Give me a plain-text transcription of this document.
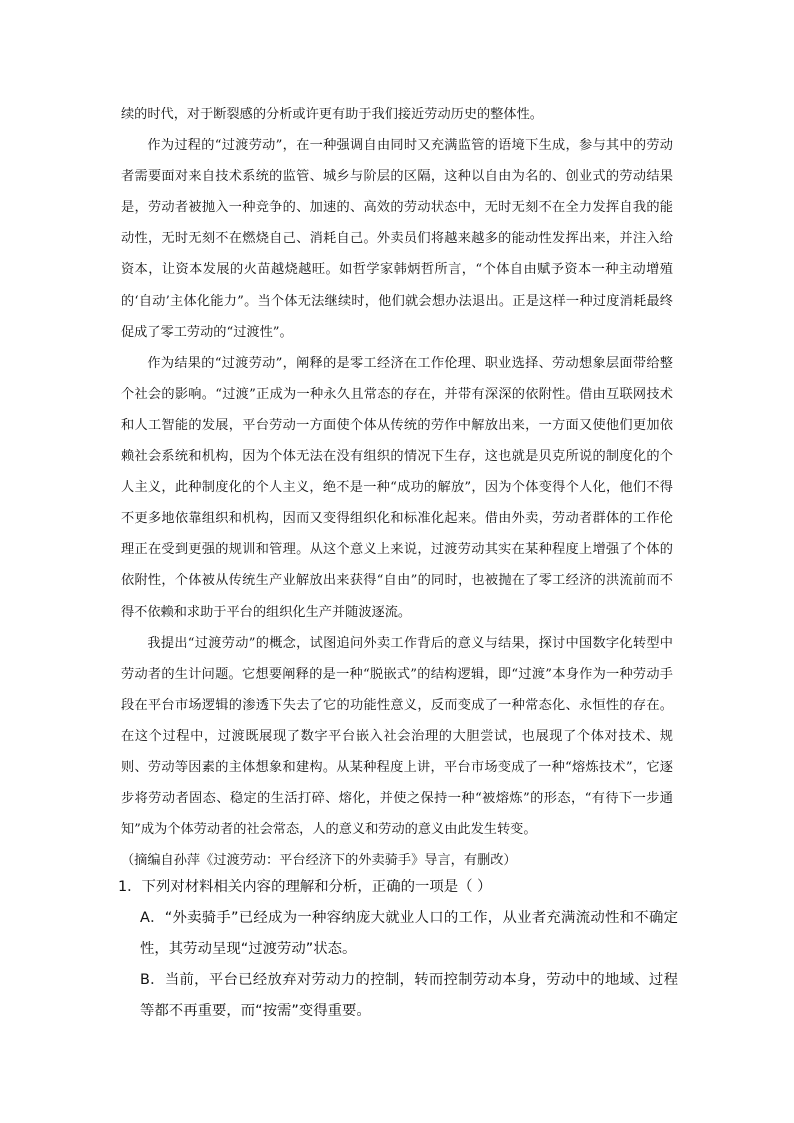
续的时代，对于断裂感的分析或许更有助于我们接近劳动历史的整体性。

作为过程的“过渡劳动”，在一种强调自由同时又充满监管的语境下生成，参与其中的劳动者需要面对来自技术系统的监管、城乡与阶层的区隔，这种以自由为名的、创业式的劳动结果是，劳动者被抛入一种竞争的、加速的、高效的劳动状态中，无时无刻不在全力发挥自我的能动性，无时无刻不在燃烧自己、消耗自己。外卖员们将越来越多的能动性发挥出来，并注入给资本，让资本发展的火苗越烧越旺。如哲学家韩炳哲所言，“个体自由赋予资本一种主动增殖的‘自动’主体化能力”。当个体无法继续时，他们就会想办法退出。正是这样一种过度消耗最终促成了零工劳动的“过渡性”。

作为结果的“过渡劳动”，阐释的是零工经济在工作伦理、职业选择、劳动想象层面带给整个社会的影响。“过渡”正成为一种永久且常态的存在，并带有深深的依附性。借由互联网技术和人工智能的发展，平台劳动一方面使个体从传统的劳作中解放出来，一方面又使他们更加依赖社会系统和机构，因为个体无法在没有组织的情况下生存，这也就是贝克所说的制度化的个人主义，此种制度化的个人主义，绝不是一种“成功的解放”，因为个体变得个人化，他们不得不更多地依靠组织和机构，因而又变得组织化和标准化起来。借由外卖，劳动者群体的工作伦理正在受到更强的规训和管理。从这个意义上来说，过渡劳动其实在某种程度上增强了个体的依附性，个体被从传统生产业解放出来获得“自由”的同时，也被抛在了零工经济的洪流前而不得不依赖和求助于平台的组织化生产并随波逐流。

我提出“过渡劳动”的概念，试图追问外卖工作背后的意义与结果，探讨中国数字化转型中劳动者的生计问题。它想要阐释的是一种“脱嵌式”的结构逻辑，即“过渡”本身作为一种劳动手段在平台市场逻辑的渗透下失去了它的功能性意义，反而变成了一种常态化、永恒性的存在。在这个过程中，过渡既展现了数字平台嵌入社会治理的大胆尝试，也展现了个体对技术、规则、劳动等因素的主体想象和建构。从某种程度上讲，平台市场变成了一种“熔炼技术”，它逐步将劳动者固态、稳定的生活打碎、熔化，并使之保持一种“被熔炼”的形态，“有待下一步通知”成为个体劳动者的社会常态，人的意义和劳动的意义由此发生转变。

（摘编自孙萍《过渡劳动：平台经济下的外卖骑手》导言，有删改）

1．下列对材料相关内容的理解和分析，正确的一项是（ ）

A．“外卖骑手”已经成为一种容纳庞大就业人口的工作，从业者充满流动性和不确定性，其劳动呈现“过渡劳动”状态。

B．当前，平台已经放弃对劳动力的控制，转而控制劳动本身，劳动中的地域、过程等都不再重要，而“按需”变得重要。
